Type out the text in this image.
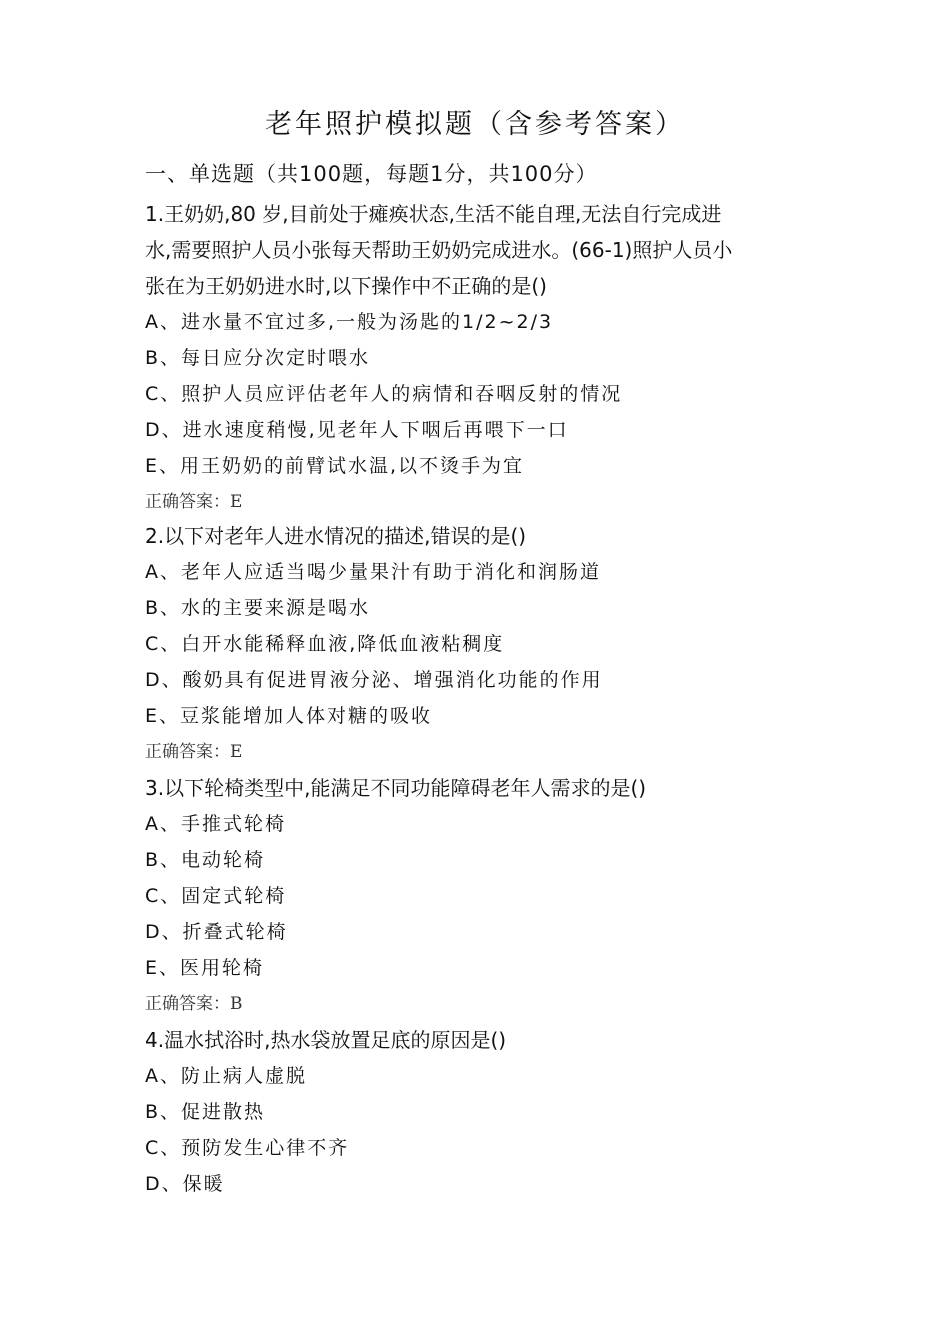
老年照护模拟题（含参考答案）
一、单选题（共100题，每题1分，共100分）

1.王奶奶,80 岁,目前处于瘫痪状态,生活不能自理,无法自行完成进

水,需要照护人员小张每天帮助王奶奶完成进水。(66-1)照护人员小

张在为王奶奶进水时,以下操作中不正确的是()

A、进水量不宜过多,一般为汤匙的1/2~2/3

B、每日应分次定时喂水

C、照护人员应评估老年人的病情和吞咽反射的情况

D、进水速度稍慢,见老年人下咽后再喂下一口

E、用王奶奶的前臂试水温,以不烫手为宜

正确答案：E

2.以下对老年人进水情况的描述,错误的是()

A、老年人应适当喝少量果汁有助于消化和润肠道

B、水的主要来源是喝水

C、白开水能稀释血液,降低血液粘稠度

D、酸奶具有促进胃液分泌、增强消化功能的作用

E、豆浆能增加人体对糖的吸收

正确答案：E

3.以下轮椅类型中,能满足不同功能障碍老年人需求的是()

A、手推式轮椅

B、电动轮椅

C、固定式轮椅

D、折叠式轮椅

E、医用轮椅

正确答案：B

4.温水拭浴时,热水袋放置足底的原因是()

A、防止病人虚脱

B、促进散热

C、预防发生心律不齐

D、保暖
